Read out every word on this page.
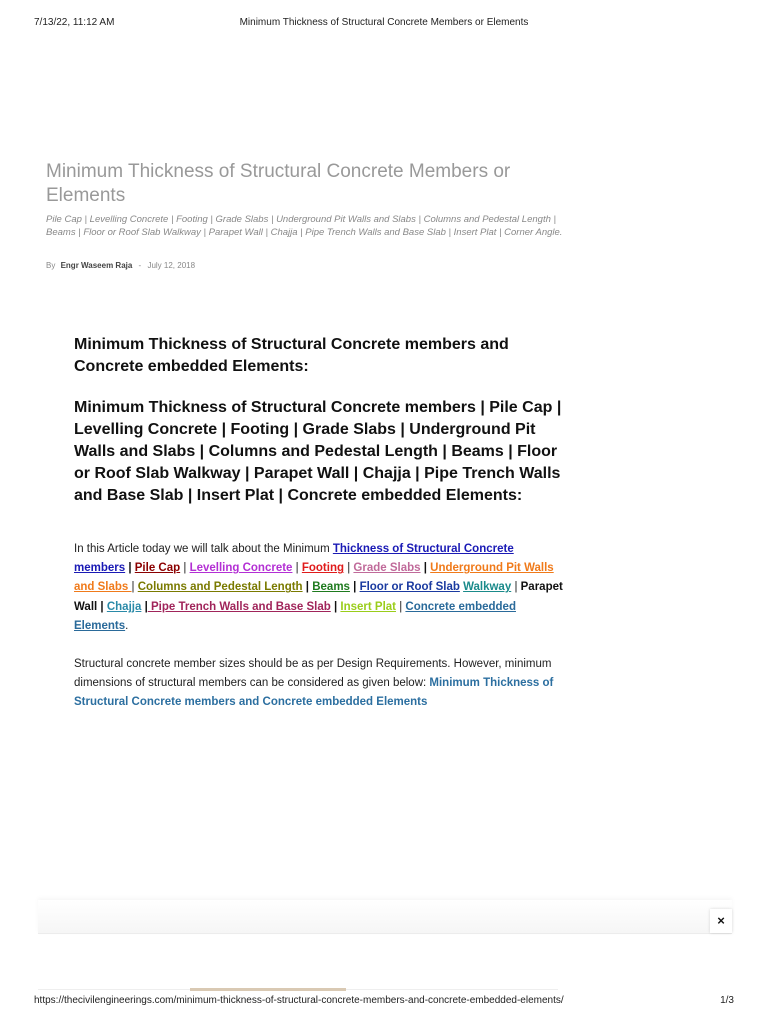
7/13/22, 11:12 AM	Minimum Thickness of Structural Concrete Members or Elements
Minimum Thickness of Structural Concrete Members or Elements
Pile Cap | Levelling Concrete | Footing | Grade Slabs | Underground Pit Walls and Slabs | Columns and Pedestal Length | Beams | Floor or Roof Slab Walkway | Parapet Wall | Chajja | Pipe Trench Walls and Base Slab | Insert Plat | Corner Angle.
By Engr Waseem Raja - July 12, 2018
Minimum Thickness of Structural Concrete members and Concrete embedded Elements:
Minimum Thickness of Structural Concrete members | Pile Cap | Levelling Concrete | Footing | Grade Slabs | Underground Pit Walls and Slabs | Columns and Pedestal Length | Beams | Floor or Roof Slab Walkway | Parapet Wall | Chajja | Pipe Trench Walls and Base Slab | Insert Plat | Concrete embedded Elements:

In this Article today we will talk about the Minimum Thickness of Structural Concrete members | Pile Cap | Levelling Concrete | Footing | Grade Slabs | Underground Pit Walls and Slabs | Columns and Pedestal Length | Beams | Floor or Roof Slab Walkway | Parapet Wall | Chajja | Pipe Trench Walls and Base Slab | Insert Plat | Concrete embedded Elements.

Structural concrete member sizes should be as per Design Requirements. However, minimum dimensions of structural members can be considered as given below: Minimum Thickness of Structural Concrete members and Concrete embedded Elements

×
https://thecivilengineerings.com/minimum-thickness-of-structural-concrete-members-and-concrete-embedded-elements/	1/3
